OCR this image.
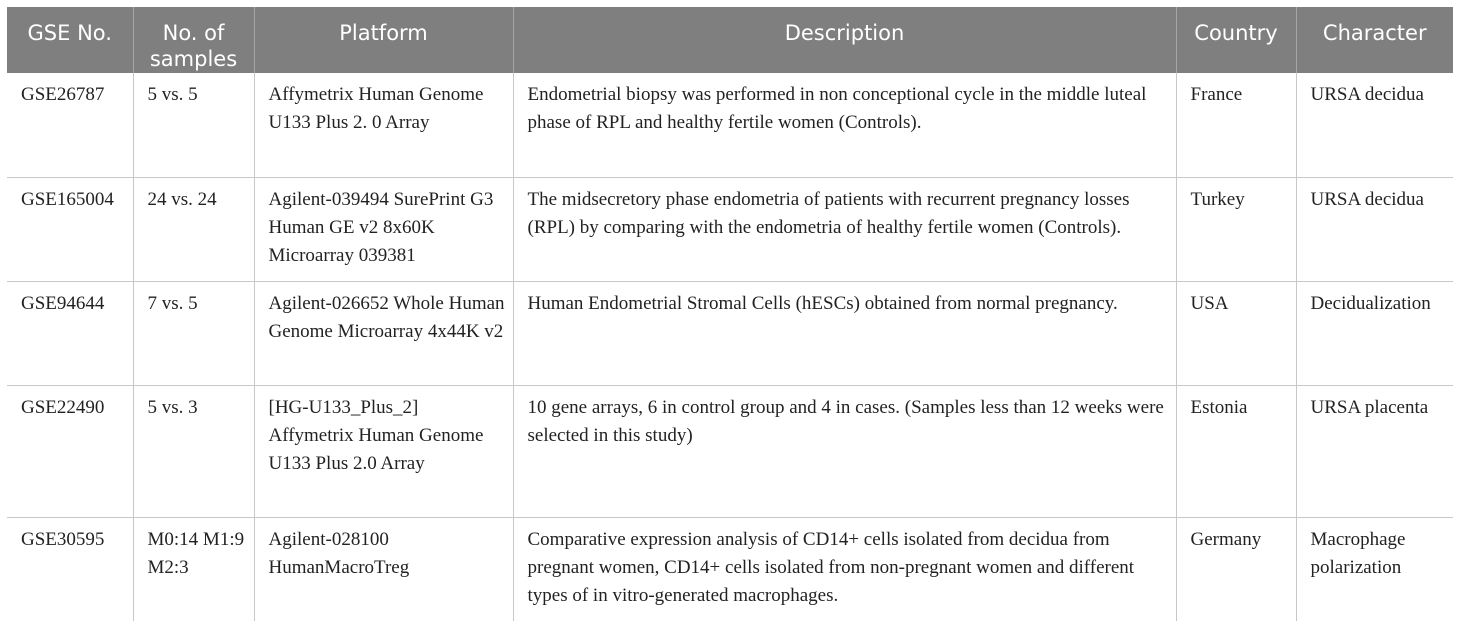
GSE No.	No. of samples	Platform	Description	Country	Character
GSE26787	5 vs. 5	Affymetrix Human Genome U133 Plus 2. 0 Array	Endometrial biopsy was performed in non conceptional cycle in the middle luteal phase of RPL and healthy fertile women (Controls).	France	URSA decidua
GSE165004	24 vs. 24	Agilent-039494 SurePrint G3 Human GE v2 8x60K Microarray 039381	The midsecretory phase endometria of patients with recurrent pregnancy losses (RPL) by comparing with the endometria of healthy fertile women (Controls).	Turkey	URSA decidua
GSE94644	7 vs. 5	Agilent-026652 Whole Human Genome Microarray 4x44K v2	Human Endometrial Stromal Cells (hESCs) obtained from normal pregnancy.	USA	Decidualization
GSE22490	5 vs. 3	[HG-U133_Plus_2] Affymetrix Human Genome U133 Plus 2.0 Array	10 gene arrays, 6 in control group and 4 in cases. (Samples less than 12 weeks were selected in this study)	Estonia	URSA placenta
GSE30595	M0:14 M1:9 M2:3	Agilent-028100 HumanMacroTreg	Comparative expression analysis of CD14+ cells isolated from decidua from pregnant women, CD14+ cells isolated from non-pregnant women and different types of in vitro-generated macrophages.	Germany	Macrophage polarization
